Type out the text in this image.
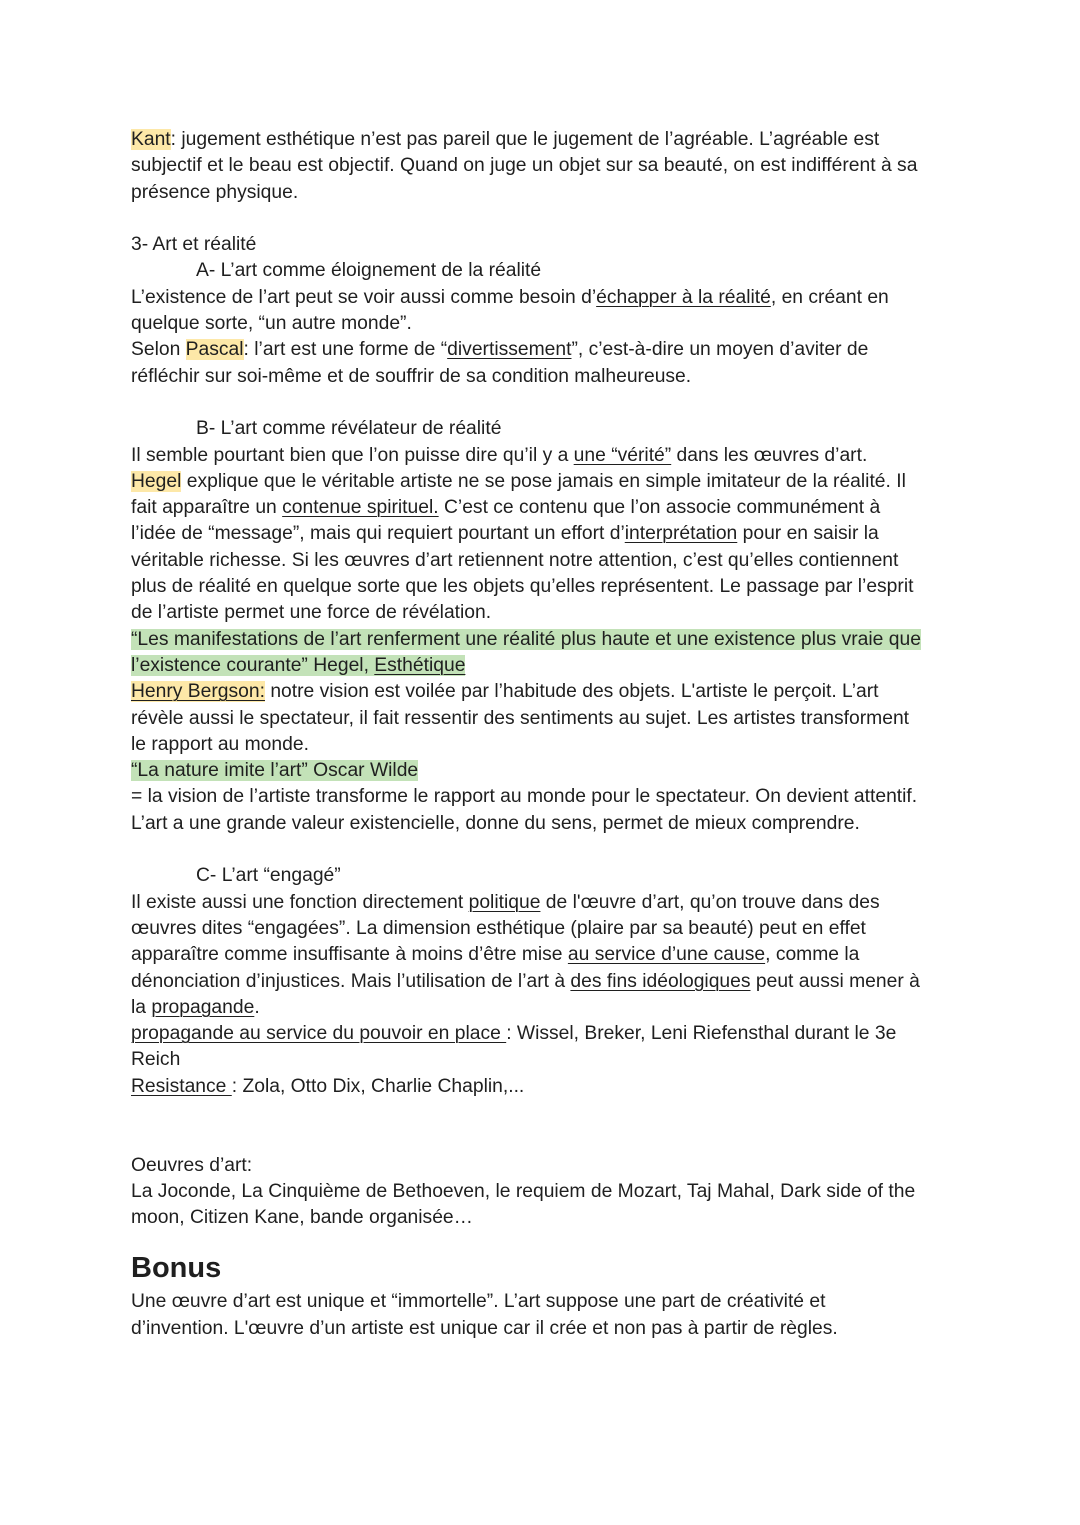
Kant: jugement esthétique n’est pas pareil que le jugement de l’agréable. L’agréable est
subjectif et le beau est objectif. Quand on juge un objet sur sa beauté, on est indifférent à sa
présence physique.
3- Art et réalité
A- L’art comme éloignement de la réalité
L’existence de l’art peut se voir aussi comme besoin d’échapper à la réalité, en créant en
quelque sorte, “un autre monde”.
Selon Pascal: l’art est une forme de “divertissement”, c’est-à-dire un moyen d’aviter de
réfléchir sur soi-même et de souffrir de sa condition malheureuse.
B- L’art comme révélateur de réalité
Il semble pourtant bien que l’on puisse dire qu’il y a une “vérité” dans les œuvres d’art.
Hegel explique que le véritable artiste ne se pose jamais en simple imitateur de la réalité. Il
fait apparaître un contenue spirituel. C’est ce contenu que l’on associe communément à
l’idée de “message”, mais qui requiert pourtant un effort d’interprétation pour en saisir la
véritable richesse. Si les œuvres d’art retiennent notre attention, c’est qu’elles contiennent
plus de réalité en quelque sorte que les objets qu’elles représentent. Le passage par l’esprit
de l’artiste permet une force de révélation.
“Les manifestations de l’art renferment une réalité plus haute et une existence plus vraie que
l’existence courante” Hegel, Esthétique
Henry Bergson: notre vision est voilée par l’habitude des objets. L'artiste le perçoit. L’art
révèle aussi le spectateur, il fait ressentir des sentiments au sujet. Les artistes transforment
le rapport au monde.
“La nature imite l’art” Oscar Wilde
= la vision de l’artiste transforme le rapport au monde pour le spectateur. On devient attentif.
L’art a une grande valeur existencielle, donne du sens, permet de mieux comprendre.
C- L’art “engagé”
Il existe aussi une fonction directement politique de l'œuvre d’art, qu’on trouve dans des
œuvres dites “engagées”. La dimension esthétique (plaire par sa beauté) peut en effet
apparaître comme insuffisante à moins d’être mise au service d’une cause, comme la
dénonciation d’injustices. Mais l’utilisation de l’art à des fins idéologiques peut aussi mener à
la propagande.
propagande au service du pouvoir en place : Wissel, Breker, Leni Riefensthal durant le 3e
Reich
Resistance : Zola, Otto Dix, Charlie Chaplin,...
Oeuvres d’art:
La Joconde, La Cinquième de Bethoeven, le requiem de Mozart, Taj Mahal, Dark side of the
moon, Citizen Kane, bande organisée…
Bonus
Une œuvre d’art est unique et “immortelle”. L’art suppose une part de créativité et
d’invention. L'œuvre d’un artiste est unique car il crée et non pas à partir de règles.
